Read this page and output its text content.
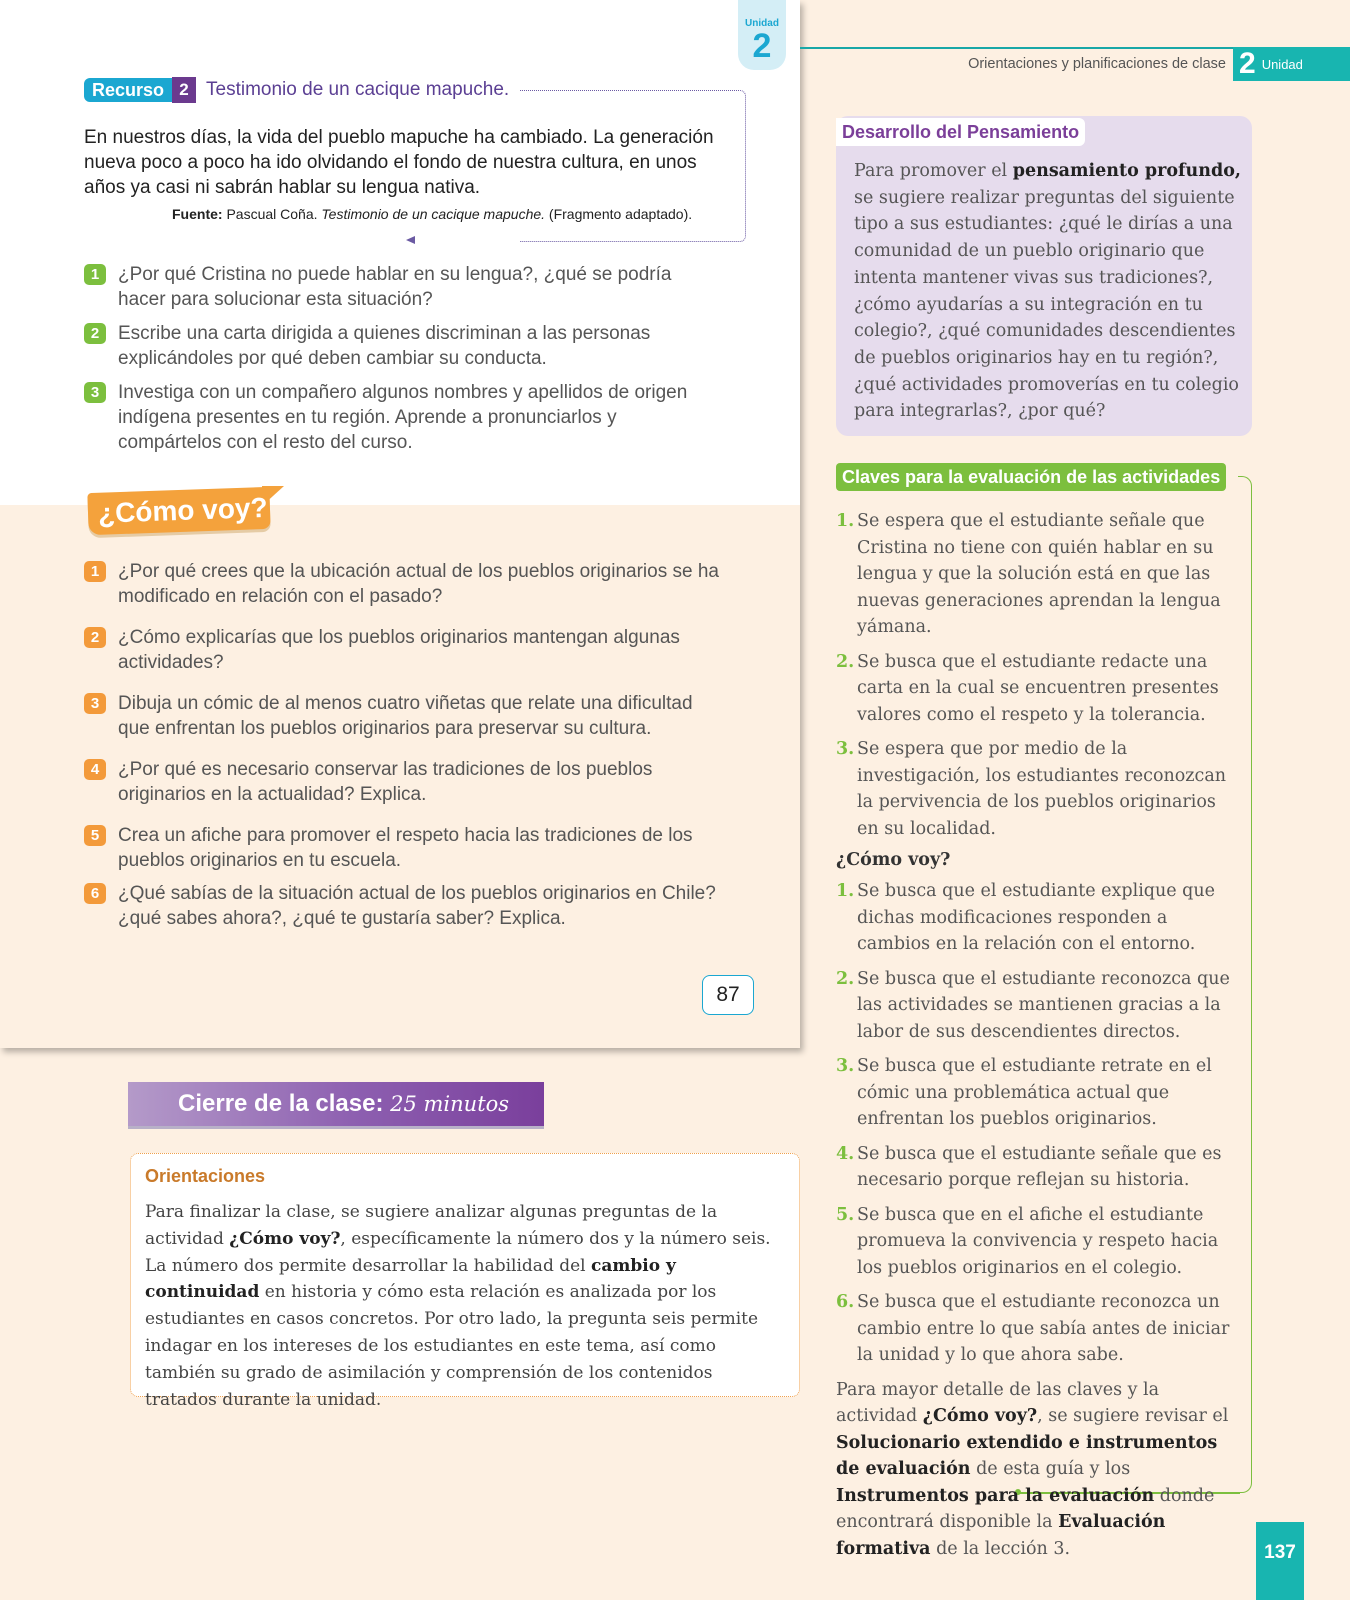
Unidad
2
Recurso 2 Testimonio de un cacique mapuche.

En nuestros días, la vida del pueblo mapuche ha cambiado. La generación nueva poco a poco ha ido olvidando el fondo de nuestra cultura, en unos años ya casi ni sabrán hablar su lengua nativa.

Fuente: Pascual Coña. Testimonio de un cacique mapuche. (Fragmento adaptado).

1 ¿Por qué Cristina no puede hablar en su lengua?, ¿qué se podría hacer para solucionar esta situación?
2 Escribe una carta dirigida a quienes discriminan a las personas explicándoles por qué deben cambiar su conducta.
3 Investiga con un compañero algunos nombres y apellidos de origen indígena presentes en tu región. Aprende a pronunciarlos y compártelos con el resto del curso.
¿Cómo voy?
1 ¿Por qué crees que la ubicación actual de los pueblos originarios se ha modificado en relación con el pasado?
2 ¿Cómo explicarías que los pueblos originarios mantengan algunas actividades?
3 Dibuja un cómic de al menos cuatro viñetas que relate una dificultad que enfrentan los pueblos originarios para preservar su cultura.
4 ¿Por qué es necesario conservar las tradiciones de los pueblos originarios en la actualidad? Explica.
5 Crea un afiche para promover el respeto hacia las tradiciones de los pueblos originarios en tu escuela.
6 ¿Qué sabías de la situación actual de los pueblos originarios en Chile? ¿qué sabes ahora?, ¿qué te gustaría saber? Explica.
87
Cierre de la clase: 25 minutos
Orientaciones

Para finalizar la clase, se sugiere analizar algunas preguntas de la actividad ¿Cómo voy?, específicamente la número dos y la número seis. La número dos permite desarrollar la habilidad del cambio y continuidad en historia y cómo esta relación es analizada por los estudiantes en casos concretos. Por otro lado, la pregunta seis permite indagar en los intereses de los estudiantes en este tema, así como también su grado de asimilación y comprensión de los contenidos tratados durante la unidad.

Orientaciones y planificaciones de clase 2 Unidad
Desarrollo del Pensamiento

Para promover el pensamiento profundo, se sugiere realizar preguntas del siguiente tipo a sus estudiantes: ¿qué le dirías a una comunidad de un pueblo originario que intenta mantener vivas sus tradiciones?, ¿cómo ayudarías a su integración en tu colegio?, ¿qué comunidades descendientes de pueblos originarios hay en tu región?, ¿qué actividades promoverías en tu colegio para integrarlas?, ¿por qué?

Claves para la evaluación de las actividades
1. Se espera que el estudiante señale que Cristina no tiene con quién hablar en su lengua y que la solución está en que las nuevas generaciones aprendan la lengua yámana.
2. Se busca que el estudiante redacte una carta en la cual se encuentren presentes valores como el respeto y la tolerancia.
3. Se espera que por medio de la investigación, los estudiantes reconozcan la pervivencia de los pueblos originarios en su localidad.
¿Cómo voy?
1. Se busca que el estudiante explique que dichas modificaciones responden a cambios en la relación con el entorno.
2. Se busca que el estudiante reconozca que las actividades se mantienen gracias a la labor de sus descendientes directos.
3. Se busca que el estudiante retrate en el cómic una problemática actual que enfrentan los pueblos originarios.
4. Se busca que el estudiante señale que es necesario porque reflejan su historia.
5. Se busca que en el afiche el estudiante promueva la convivencia y respeto hacia los pueblos originarios en el colegio.
6. Se busca que el estudiante reconozca un cambio entre lo que sabía antes de iniciar la unidad y lo que ahora sabe.

Para mayor detalle de las claves y la actividad ¿Cómo voy?, se sugiere revisar el Solucionario extendido e instrumentos de evaluación de esta guía y los Instrumentos para la evaluación donde encontrará disponible la Evaluación formativa de la lección 3.	137
